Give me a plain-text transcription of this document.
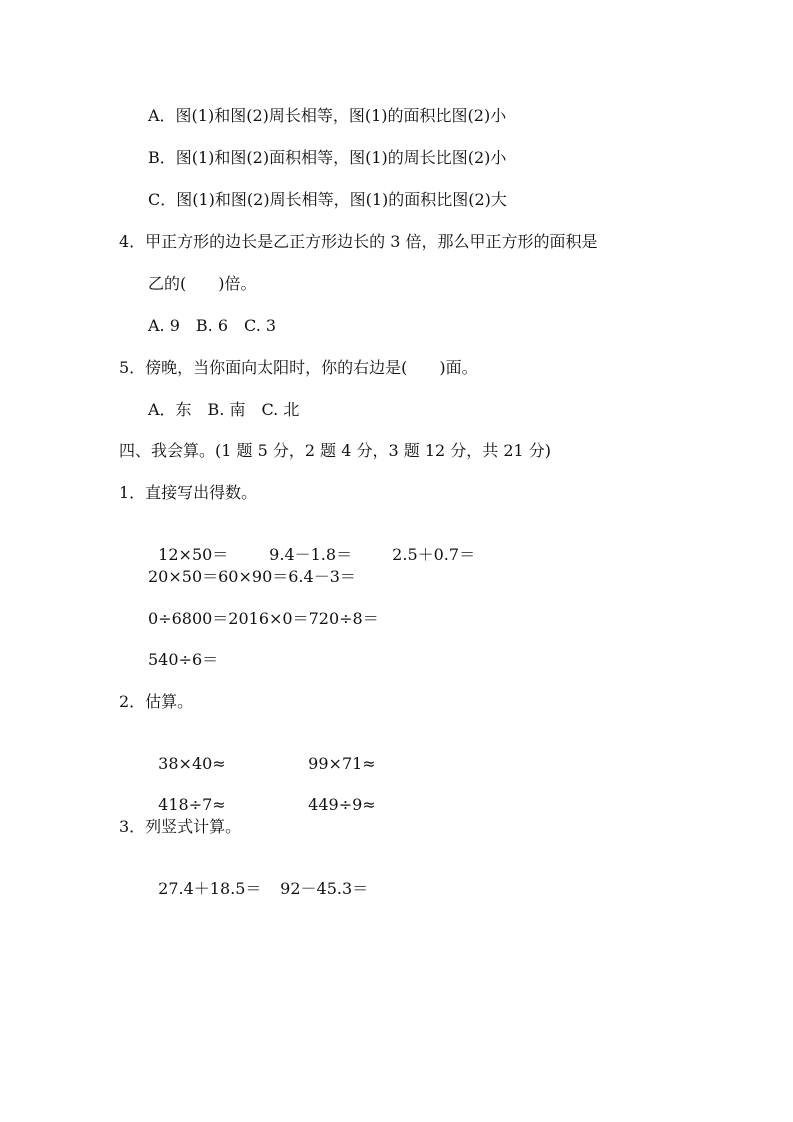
A．图(1)和图(2)周长相等，图(1)的面积比图(2)小
B．图(1)和图(2)面积相等，图(1)的周长比图(2)小
C．图(1)和图(2)周长相等，图(1)的面积比图(2)大
4．甲正方形的边长是乙正方形边长的 3 倍，那么甲正方形的面积是
乙的(　　)倍。
A. 9　B. 6　C. 3
5．傍晚，当你面向太阳时，你的右边是(　　)面。
A．东　B. 南　C. 北
四、我会算。(1 题 5 分，2 题 4 分，3 题 12 分，共 21 分)
1．直接写出得数。

12×50＝	9.4－1.8＝	2.5＋0.7＝

20×50＝60×90＝6.4－3＝
0÷6800＝2016×0＝720÷8＝
540÷6＝
2．估算。

38×40≈	99×71≈

418÷7≈	449÷9≈

3．列竖式计算。

27.4＋18.5＝ 92－45.3＝
